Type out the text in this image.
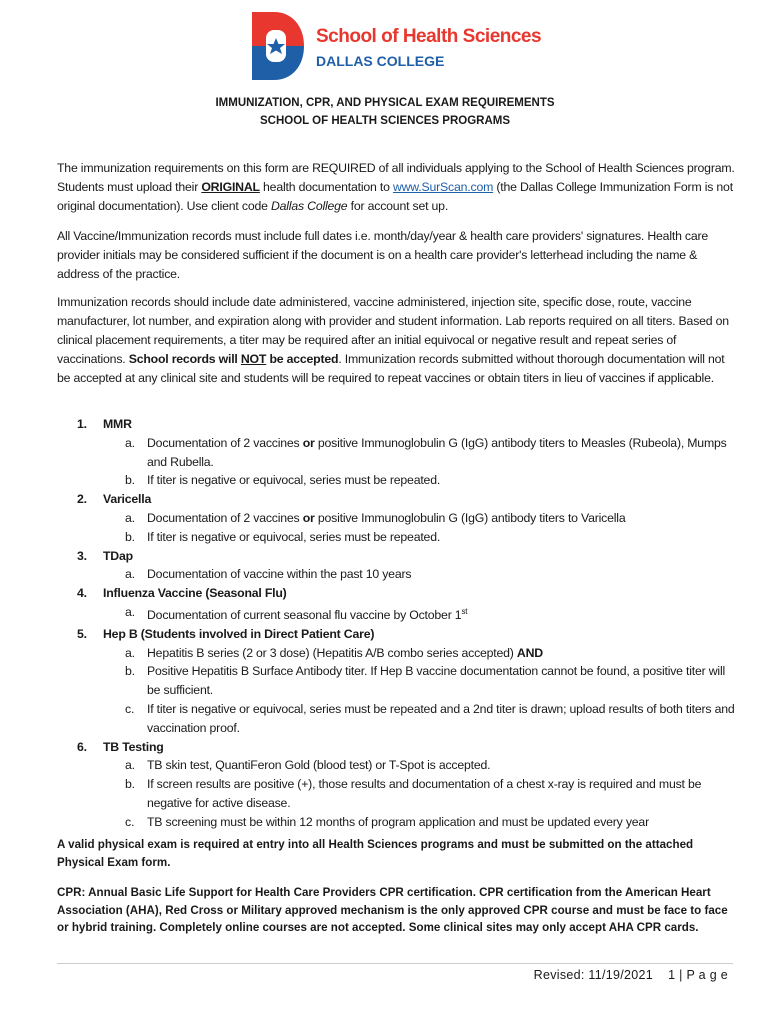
School of Health Sciences
DALLAS COLLEGE
IMMUNIZATION, CPR, AND PHYSICAL EXAM REQUIREMENTS
SCHOOL OF HEALTH SCIENCES PROGRAMS
The immunization requirements on this form are REQUIRED of all individuals applying to the School of Health Sciences program. Students must upload their ORIGINAL health documentation to www.SurScan.com (the Dallas College Immunization Form is not original documentation). Use client code Dallas College for account set up.
All Vaccine/Immunization records must include full dates i.e. month/day/year & health care providers' signatures. Health care provider initials may be considered sufficient if the document is on a health care provider's letterhead including the name & address of the practice.
Immunization records should include date administered, vaccine administered, injection site, specific dose, route, vaccine manufacturer, lot number, and expiration along with provider and student information. Lab reports required on all titers. Based on clinical placement requirements, a titer may be required after an initial equivocal or negative result and repeat series of vaccinations. School records will NOT be accepted. Immunization records submitted without thorough documentation will not be accepted at any clinical site and students will be required to repeat vaccines or obtain titers in lieu of vaccines if applicable.
1. MMR
a. Documentation of 2 vaccines or positive Immunoglobulin G (IgG) antibody titers to Measles (Rubeola), Mumps and Rubella.
b. If titer is negative or equivocal, series must be repeated.
2. Varicella
a. Documentation of 2 vaccines or positive Immunoglobulin G (IgG) antibody titers to Varicella
b. If titer is negative or equivocal, series must be repeated.
3. TDap
a. Documentation of vaccine within the past 10 years
4. Influenza Vaccine (Seasonal Flu)
a. Documentation of current seasonal flu vaccine by October 1st
5. Hep B (Students involved in Direct Patient Care)
a. Hepatitis B series (2 or 3 dose) (Hepatitis A/B combo series accepted) AND
b. Positive Hepatitis B Surface Antibody titer. If Hep B vaccine documentation cannot be found, a positive titer will be sufficient.
c. If titer is negative or equivocal, series must be repeated and a 2nd titer is drawn; upload results of both titers and vaccination proof.
6. TB Testing
a. TB skin test, QuantiFeron Gold (blood test) or T-Spot is accepted.
b. If screen results are positive (+), those results and documentation of a chest x-ray is required and must be negative for active disease.
c. TB screening must be within 12 months of program application and must be updated every year
A valid physical exam is required at entry into all Health Sciences programs and must be submitted on the attached Physical Exam form.
CPR: Annual Basic Life Support for Health Care Providers CPR certification. CPR certification from the American Heart Association (AHA), Red Cross or Military approved mechanism is the only approved CPR course and must be face to face or hybrid training. Completely online courses are not accepted. Some clinical sites may only accept AHA CPR cards.
Revised: 11/19/2021    1 | P a g e
